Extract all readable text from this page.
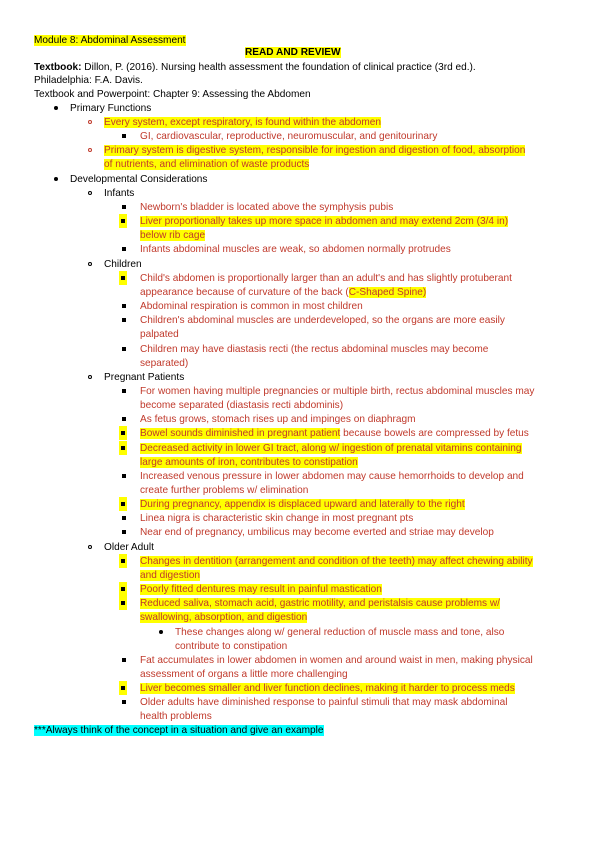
Module 8: Abdominal Assessment
READ AND REVIEW
Textbook: Dillon, P. (2016). Nursing health assessment the foundation of clinical practice (3rd ed.).
Philadelphia: F.A. Davis.
Textbook and Powerpoint: Chapter 9: Assessing the Abdomen
Primary Functions
Every system, except respiratory, is found within the abdomen
GI, cardiovascular, reproductive, neuromuscular, and genitourinary
Primary system is digestive system, responsible for ingestion and digestion of food, absorption
of nutrients, and elimination of waste products
Developmental Considerations
Infants
Newborn's bladder is located above the symphysis pubis
Liver proportionally takes up more space in abdomen and may extend 2cm (3/4 in)
below rib cage
Infants abdominal muscles are weak, so abdomen normally protrudes
Children
Child's abdomen is proportionally larger than an adult's and has slightly protuberant
appearance because of curvature of the back (C-Shaped Spine)
Abdominal respiration is common in most children
Children's abdominal muscles are underdeveloped, so the organs are more easily
palpated
Children may have diastasis recti (the rectus abdominal muscles may become
separated)
Pregnant Patients
For women having multiple pregnancies or multiple birth, rectus abdominal muscles may
become separated (diastasis recti abdominis)
As fetus grows, stomach rises up and impinges on diaphragm
Bowel sounds diminished in pregnant patient because bowels are compressed by fetus
Decreased activity in lower GI tract, along w/ ingestion of prenatal vitamins containing
large amounts of iron, contributes to constipation
Increased venous pressure in lower abdomen may cause hemorrhoids to develop and
create further problems w/ elimination
During pregnancy, appendix is displaced upward and laterally to the right
Linea nigra is characteristic skin change in most pregnant pts
Near end of pregnancy, umbilicus may become everted and striae may develop
Older Adult
Changes in dentition (arrangement and condition of the teeth) may affect chewing ability
and digestion
Poorly fitted dentures may result in painful mastication
Reduced saliva, stomach acid, gastric motility, and peristalsis cause problems w/
swallowing, absorption, and digestion
These changes along w/ general reduction of muscle mass and tone, also
contribute to constipation
Fat accumulates in lower abdomen in women and around waist in men, making physical
assessment of organs a little more challenging
Liver becomes smaller and liver function declines, making it harder to process meds
Older adults have diminished response to painful stimuli that may mask abdominal
health problems
***Always think of the concept in a situation and give an example
